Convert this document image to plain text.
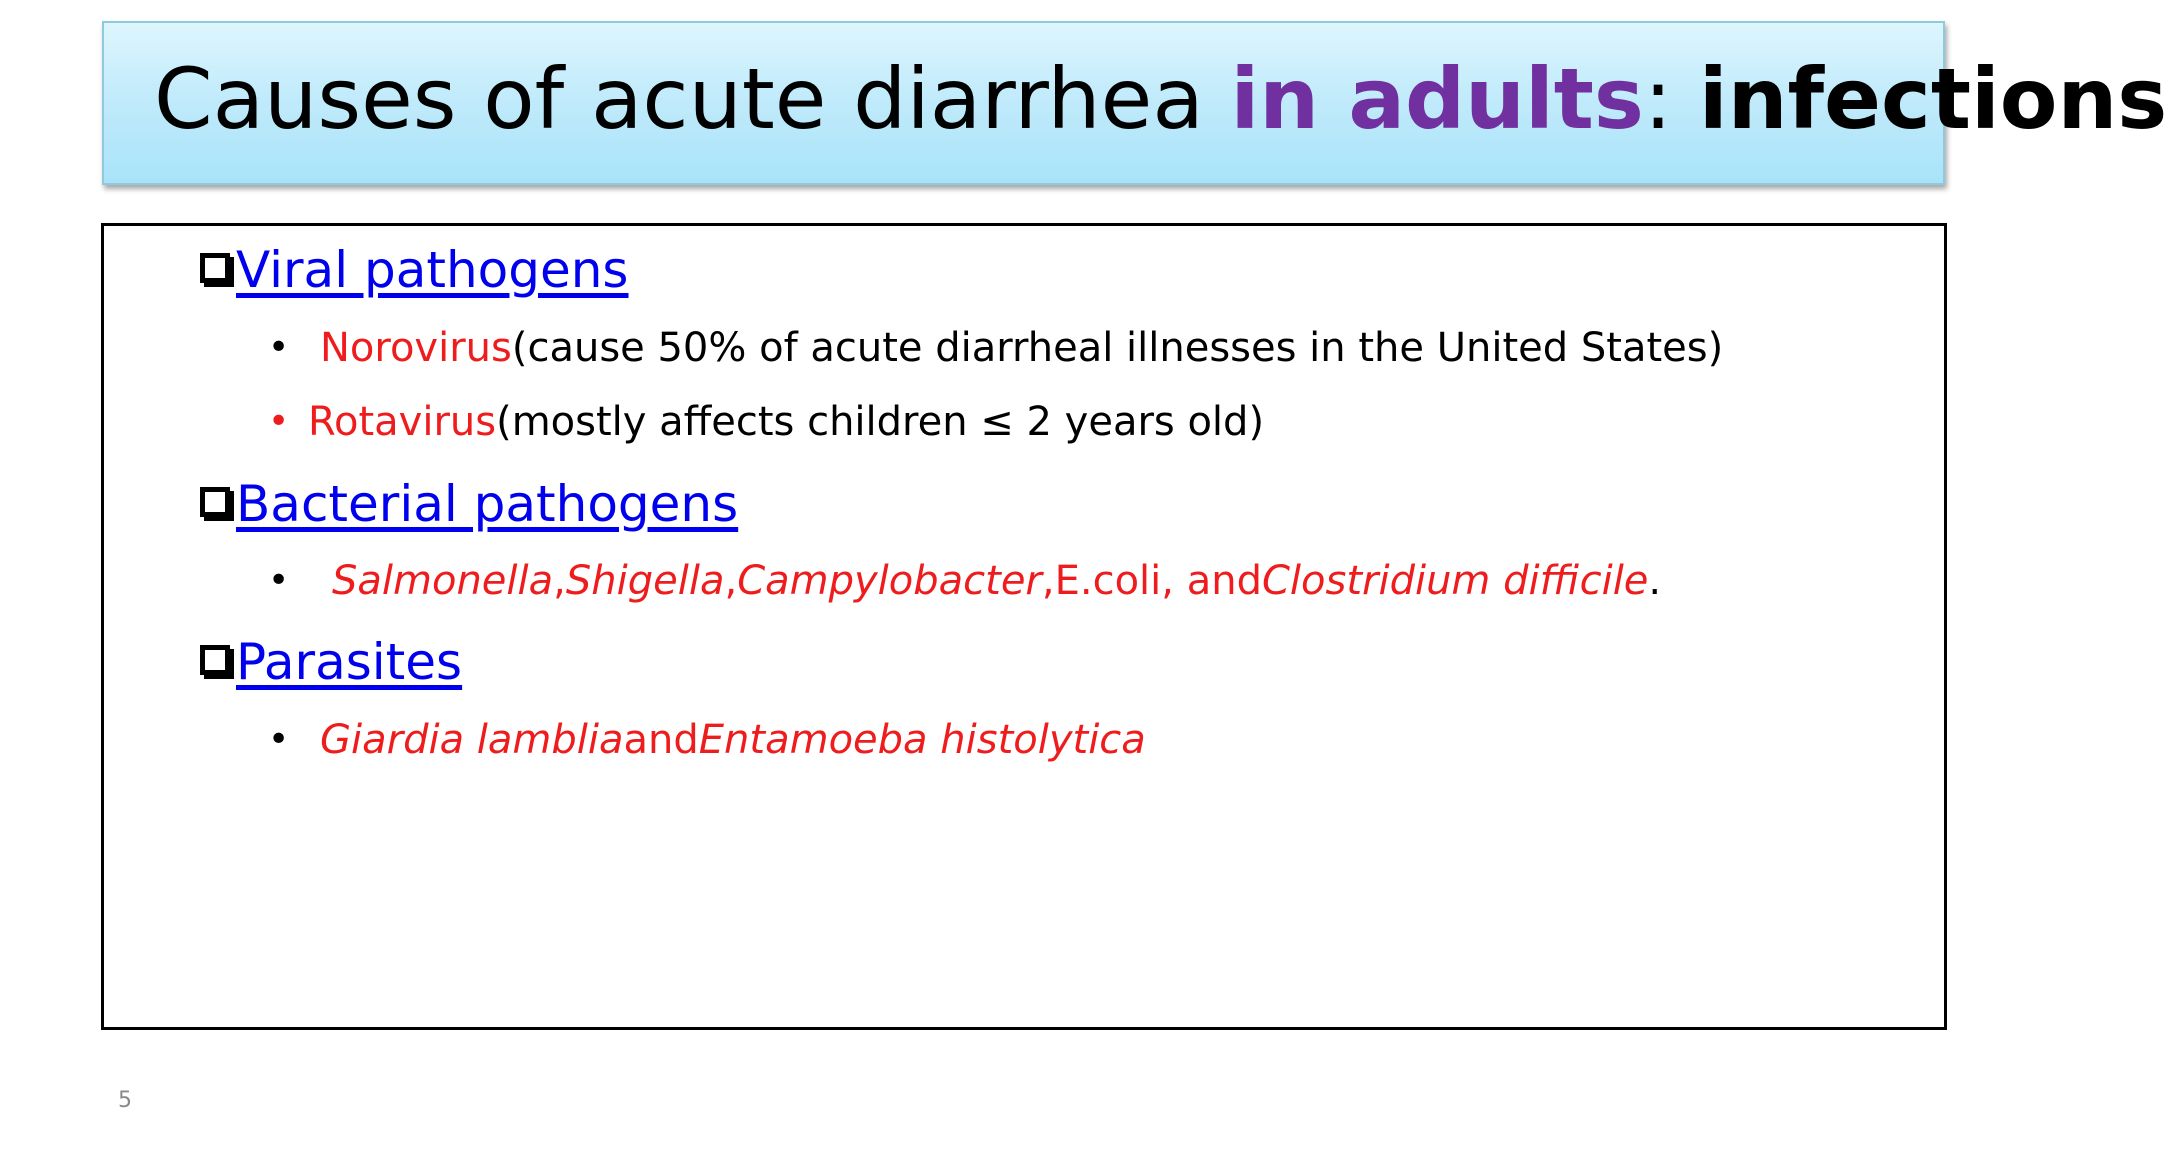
Causes of acute diarrhea in adults: infections
Viral pathogens
• Norovirus (cause 50% of acute diarrheal illnesses in the United States)
• Rotavirus (mostly affects children ≤ 2 years old)
Bacterial pathogens
•	Salmonella , Shigella , Campylobacter , E.coli , and Clostridium difficile .
Parasites
• Giardia lamblia and Entamoeba histolytica
5
